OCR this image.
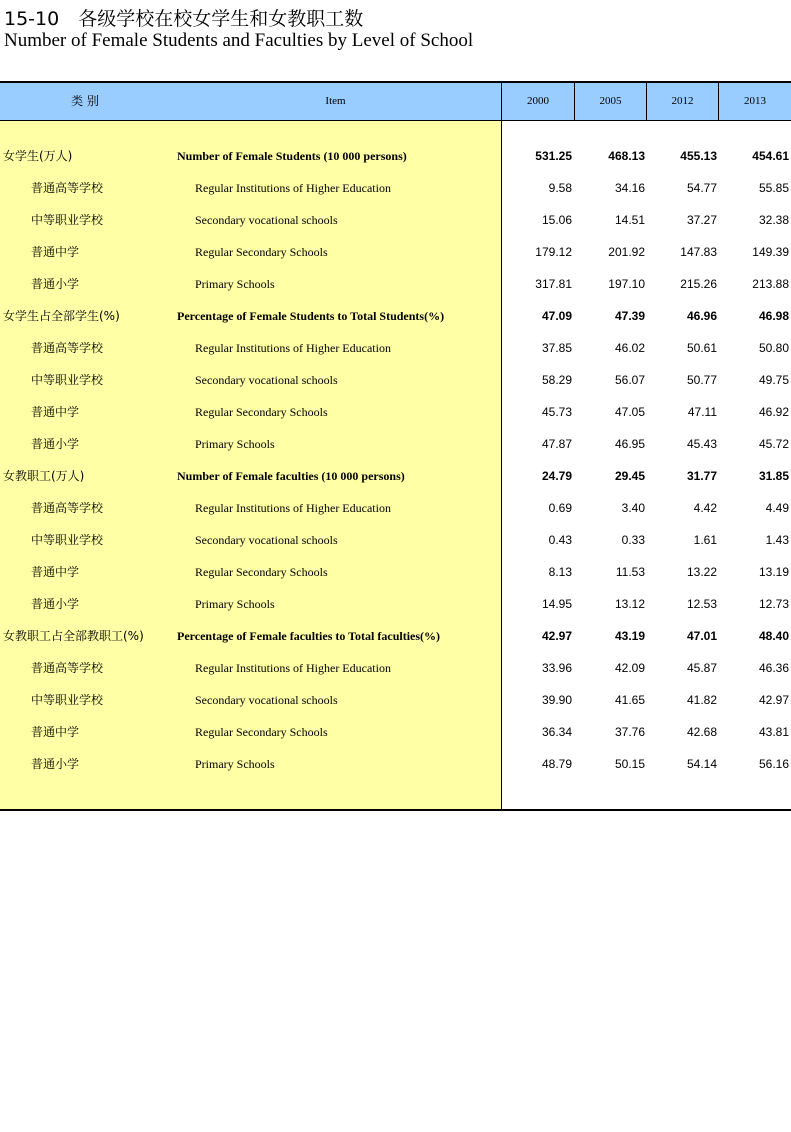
15-10　各级学校在校女学生和女教职工数
Number of Female Students and Faculties by Level of School
类 别	Item	2000	2005	2012	2013
女学生(万人)	Number of Female Students (10 000 persons)	531.25	468.13	455.13	454.61
普通高等学校	Regular Institutions of Higher Education	9.58	34.16	54.77	55.85
中等职业学校	Secondary vocational schools	15.06	14.51	37.27	32.38
普通中学	Regular Secondary Schools	179.12	201.92	147.83	149.39
普通小学	Primary Schools	317.81	197.10	215.26	213.88
女学生占全部学生(%)	Percentage of Female Students to Total Students(%)	47.09	47.39	46.96	46.98
普通高等学校	Regular Institutions of Higher Education	37.85	46.02	50.61	50.80
中等职业学校	Secondary vocational schools	58.29	56.07	50.77	49.75
普通中学	Regular Secondary Schools	45.73	47.05	47.11	46.92
普通小学	Primary Schools	47.87	46.95	45.43	45.72
女教职工(万人)	Number of Female faculties (10 000 persons)	24.79	29.45	31.77	31.85
普通高等学校	Regular Institutions of Higher Education	0.69	3.40	4.42	4.49
中等职业学校	Secondary vocational schools	0.43	0.33	1.61	1.43
普通中学	Regular Secondary Schools	8.13	11.53	13.22	13.19
普通小学	Primary Schools	14.95	13.12	12.53	12.73
女教职工占全部教职工(%)	Percentage of Female faculties to Total faculties(%)	42.97	43.19	47.01	48.40
普通高等学校	Regular Institutions of Higher Education	33.96	42.09	45.87	46.36
中等职业学校	Secondary vocational schools	39.90	41.65	41.82	42.97
普通中学	Regular Secondary Schools	36.34	37.76	42.68	43.81
普通小学	Primary Schools	48.79	50.15	54.14	56.16
